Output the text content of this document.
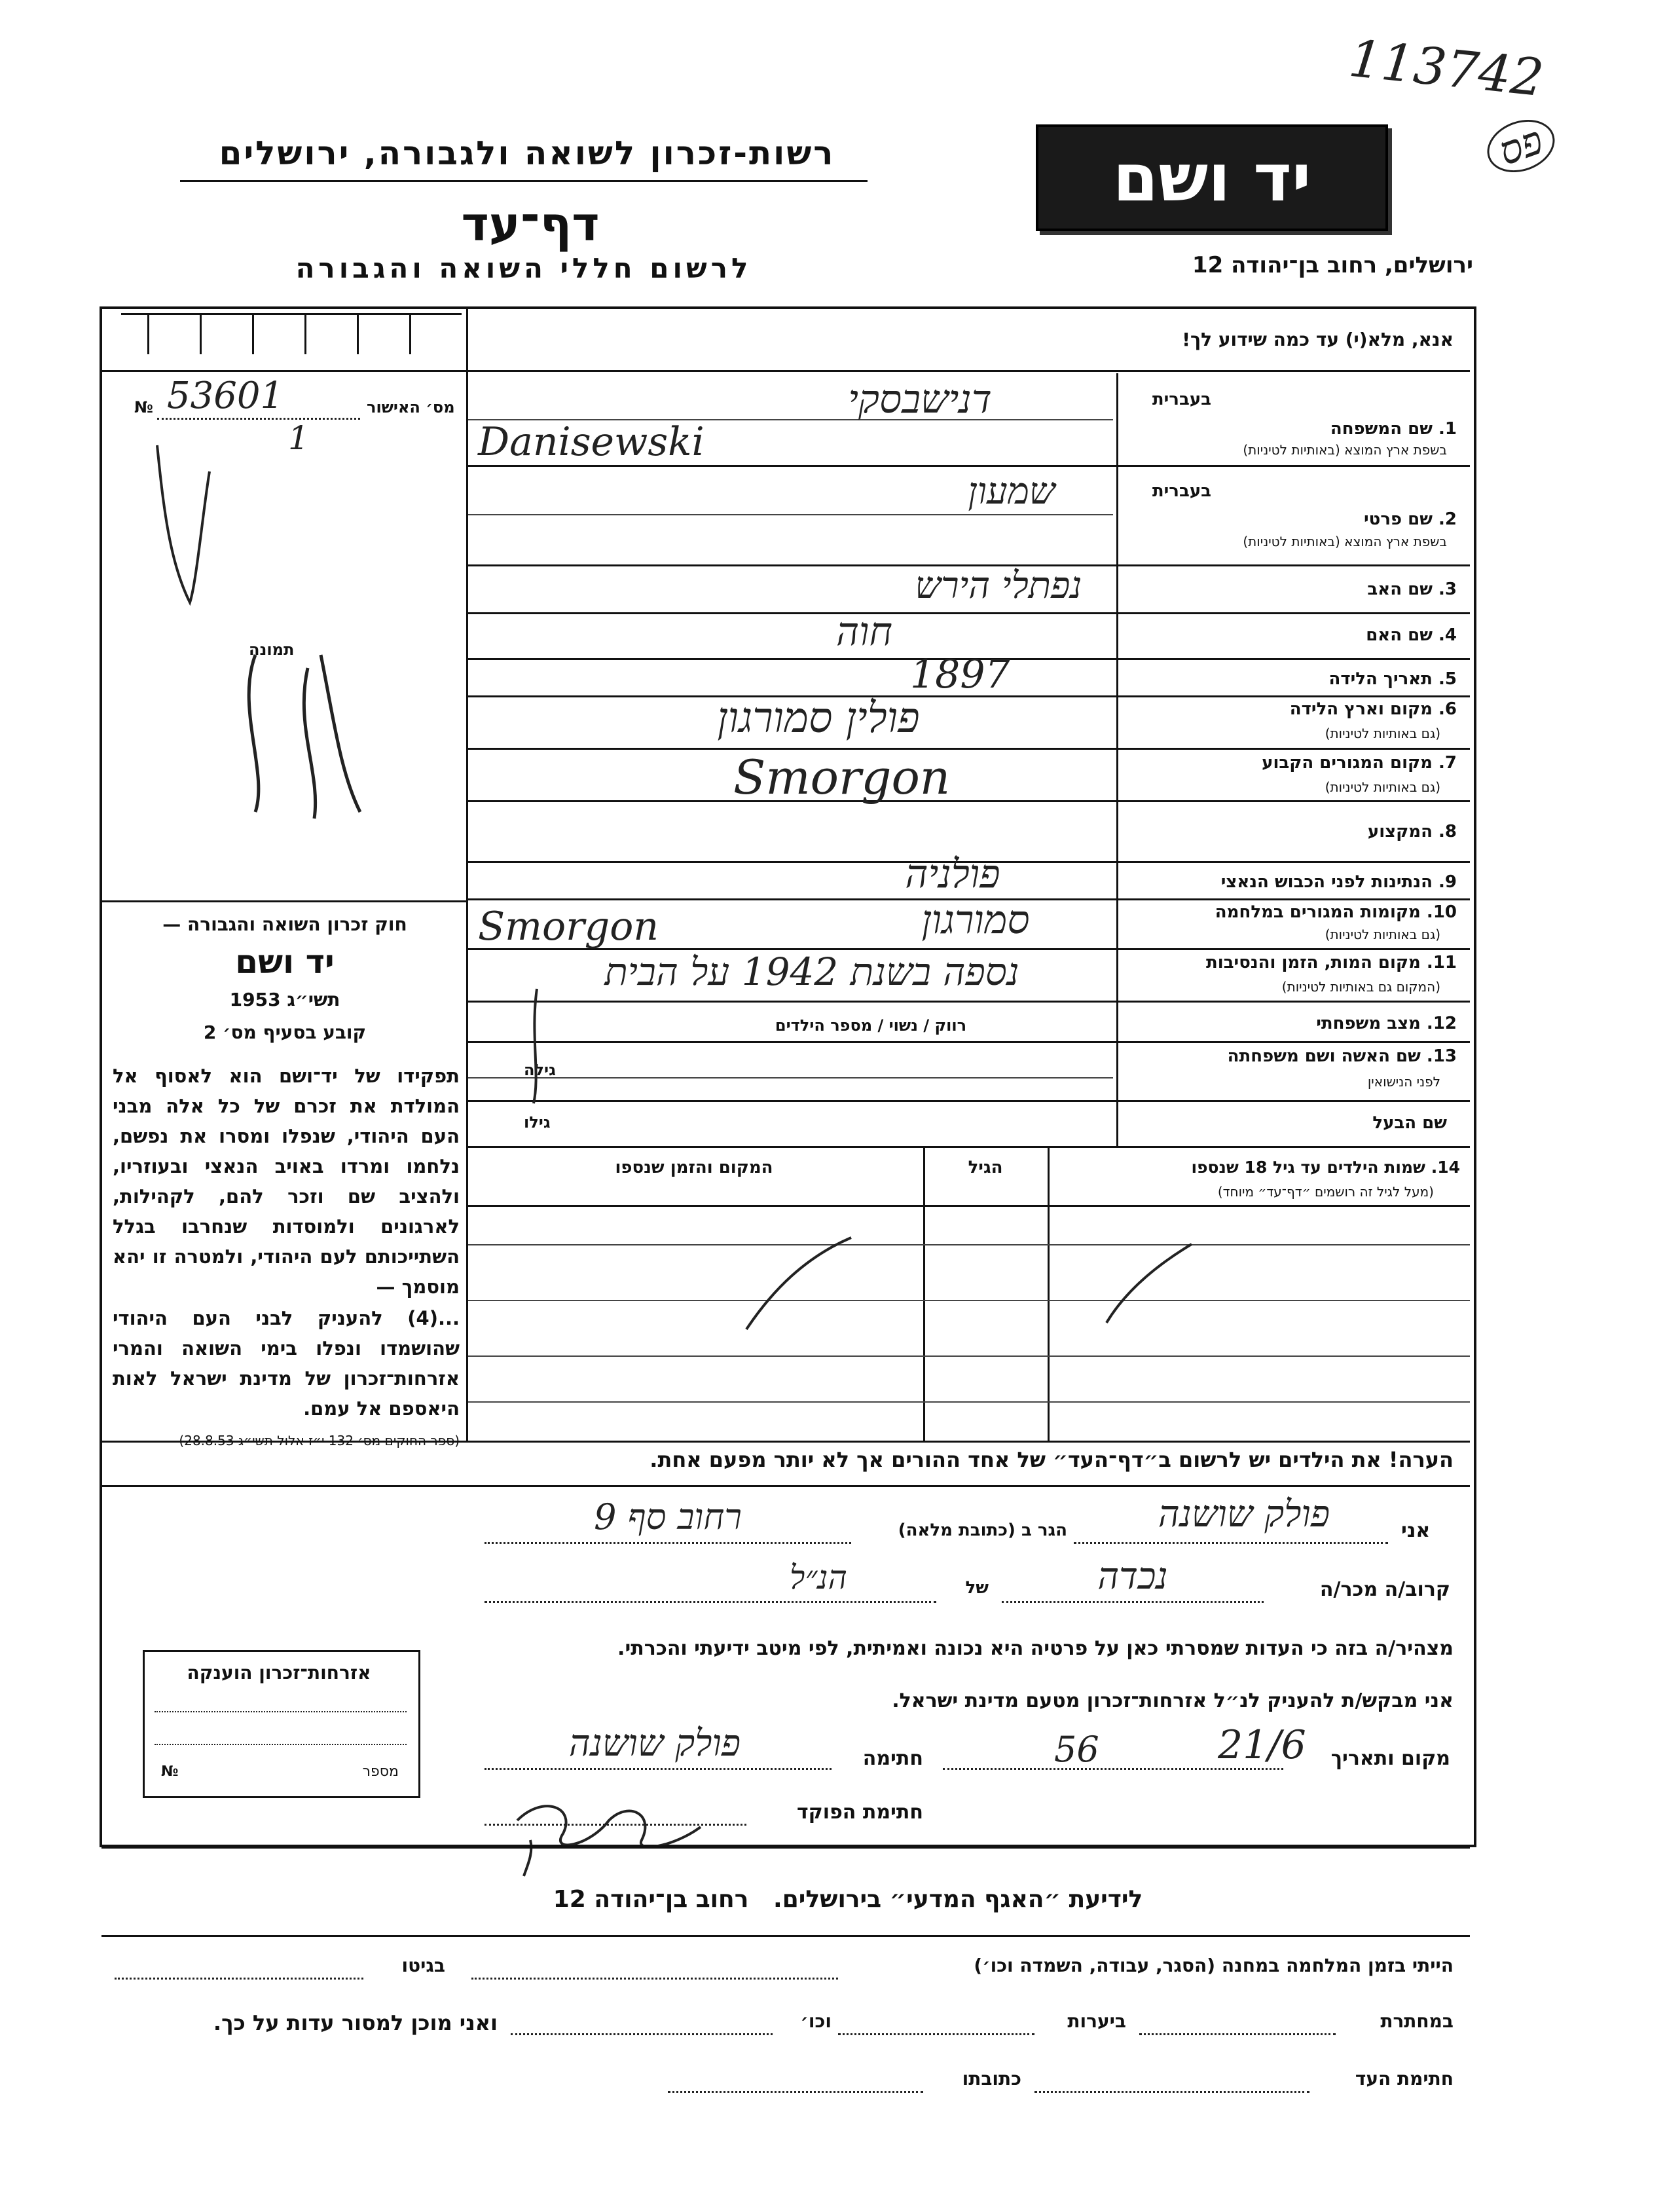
113742
פס
רשות-זכרון לשואה ולגבורה, ירושלים
דף־עד
לרשום חללי השואה והגבורה
יד ושם
ירושלים, רחוב בן־יהודה 12
מס׳ האישור
№ 53601
1
תמונה
חוק זכרון השואה והגבורה —
יד ושם
תשי״ג 1953
קובע בסעיף מס׳ 2
תפקידו של יד־ושם הוא לאסוף אל המולדת את זכרם של כל אלה מבני העם היהודי, שנפלו ומסרו את נפשם, נלחמו ומרדו באויב הנאצי ובעוזריו, ולהציב שם וזכר להם, לקהילות, לארגונים ולמוסדות שנחרבו בגלל השתייכותם לעם היהודי, ולמטרה זו יהא מוסמך —
...(4) להעניק לבני העם היהודי שהושמדו ונפלו בימי השואה והמרי אזרחות־זכרון של מדינת ישראל לאות היאספם אל עמם.
(ספר החוקים מס׳ 132 י״ז אלול תשי״ג 28.8.53)
אנא, מלא(י) עד כמה שידוע לך!
בעברית
1. שם המשפחה
בשפת ארץ המוצא (באותיות לטיניות)
דנישבסקי
Danisewski
בעברית
2. שם פרטי
בשפת ארץ המוצא (באותיות לטיניות)
שמעון
3. שם האב
נפתלי הירש
4. שם האם
חוה
5. תאריך הלידה
1897
6. מקום וארץ הלידה
(גם באותיות לטיניות)
פולין סמורגון
7. מקום המגורים הקבוע
(גם באותיות לטיניות)
Smorgon
8. המקצוע
9. הנתינות לפני הכבוש הנאצי
פולניה
10. מקומות המגורים במלחמה
(גם באותיות לטיניות)
סמורגון
Smorgon
11. מקום המות, הזמן והנסיבות
(המקום גם באותיות לטיניות)
נספה בשנת 1942 על הבית
12. מצב משפחתי
רווק / נשוי / מספר הילדים
13. שם האשה ושם משפחתה
לפני הנישואין
גילה
שם הבעל
גילו
14. שמות הילדים עד גיל 18 שנספו
(מעל לגיל זה רושמים ״דף־עד״ מיוחד)
הגיל
המקום והזמן שנספו
הערה! את הילדים יש לרשום ב״דף־העד״ של אחד ההורים אך לא יותר מפעם אחת.
אני
פולק שושנה
הגר ב (כתובת מלאה)
רחוב סף 9
קרוב/ה מכר/ה
נכדה
של
הנ״ל
מצהיר/ה בזה כי העדות שמסרתי כאן על פרטיה היא נכונה ואמיתית, לפי מיטב ידיעתי והכרתי.
אני מבקש/ת להעניק לנ״ל אזרחות־זכרון מטעם מדינת ישראל.
מקום ותאריך
21/6
56
חתימה
פולק שושנה
חתימת הפוקד
אזרחות־זכרון הוענקה
מספר
№
לידיעת ״האגף המדעי״ בירושלים.   רחוב בן־יהודה 12
הייתי בזמן המלחמה במחנה (הסגר, עבודה, השמדה וכו׳)
בגיטו
במחתרת
ביערות
וכו׳
ואני מוכן למסור עדות על כך.
חתימת העד
כתובתו
